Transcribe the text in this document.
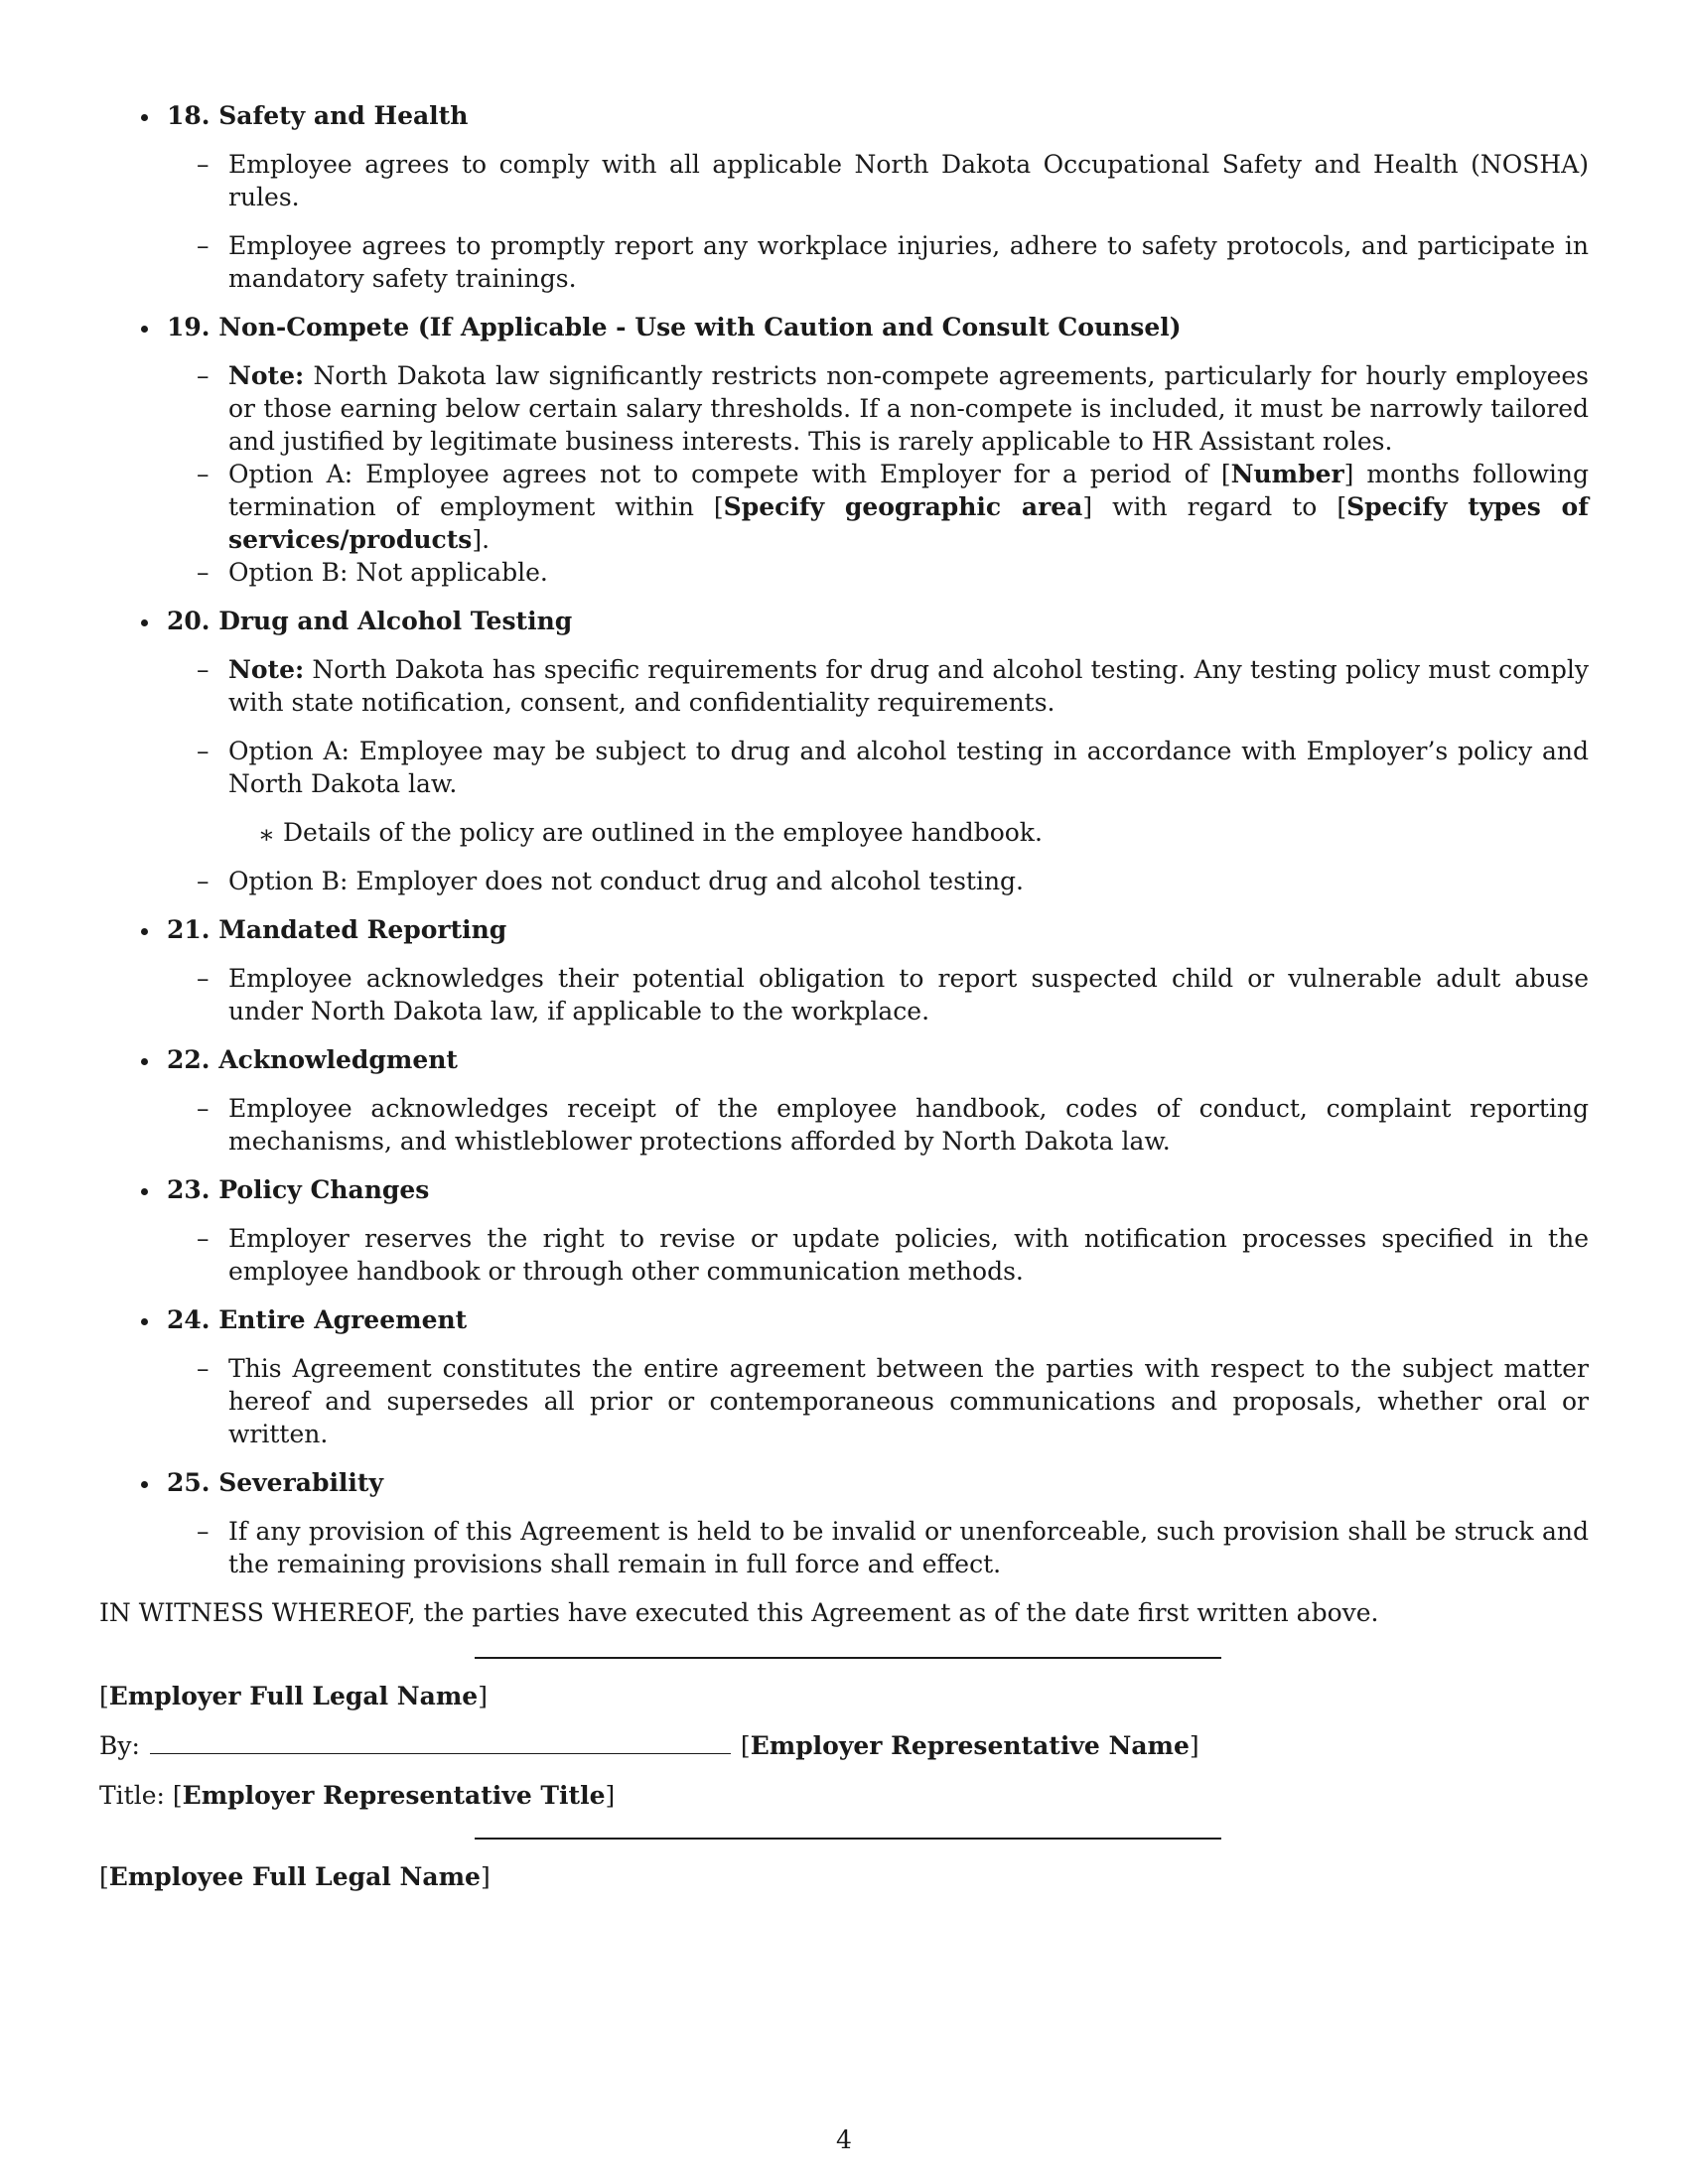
18. Safety and Health
– Employee agrees to comply with all applicable North Dakota Occupational Safety and Health (NOSHA) rules.
– Employee agrees to promptly report any workplace injuries, adhere to safety protocols, and participate in mandatory safety trainings.
19. Non-Compete (If Applicable - Use with Caution and Consult Counsel)
– Note: North Dakota law significantly restricts non-compete agreements, particularly for hourly employees or those earning below certain salary thresholds. If a non-compete is included, it must be narrowly tailored and justified by legitimate business interests. This is rarely applicable to HR Assistant roles.
– Option A: Employee agrees not to compete with Employer for a period of [Number] months following termination of employment within [Specify geographic area] with regard to [Specify types of services/products].
– Option B: Not applicable.
20. Drug and Alcohol Testing
– Note: North Dakota has specific requirements for drug and alcohol testing. Any testing policy must comply with state notification, consent, and confidentiality requirements.
– Option A: Employee may be subject to drug and alcohol testing in accordance with Employer’s policy and North Dakota law.
∗ Details of the policy are outlined in the employee handbook.
– Option B: Employer does not conduct drug and alcohol testing.
21. Mandated Reporting
– Employee acknowledges their potential obligation to report suspected child or vulnerable adult abuse under North Dakota law, if applicable to the workplace.
22. Acknowledgment
– Employee acknowledges receipt of the employee handbook, codes of conduct, complaint reporting mechanisms, and whistleblower protections afforded by North Dakota law.
23. Policy Changes
– Employer reserves the right to revise or update policies, with notification processes specified in the employee handbook or through other communication methods.
24. Entire Agreement
– This Agreement constitutes the entire agreement between the parties with respect to the subject matter hereof and supersedes all prior or contemporaneous communications and proposals, whether oral or written.
25. Severability
– If any provision of this Agreement is held to be invalid or unenforceable, such provision shall be struck and the remaining provisions shall remain in full force and effect.
IN WITNESS WHEREOF, the parties have executed this Agreement as of the date first written above.
[Employer Full Legal Name]
By:	[Employer Representative Name]
Title: [Employer Representative Title]
[Employee Full Legal Name]
4
